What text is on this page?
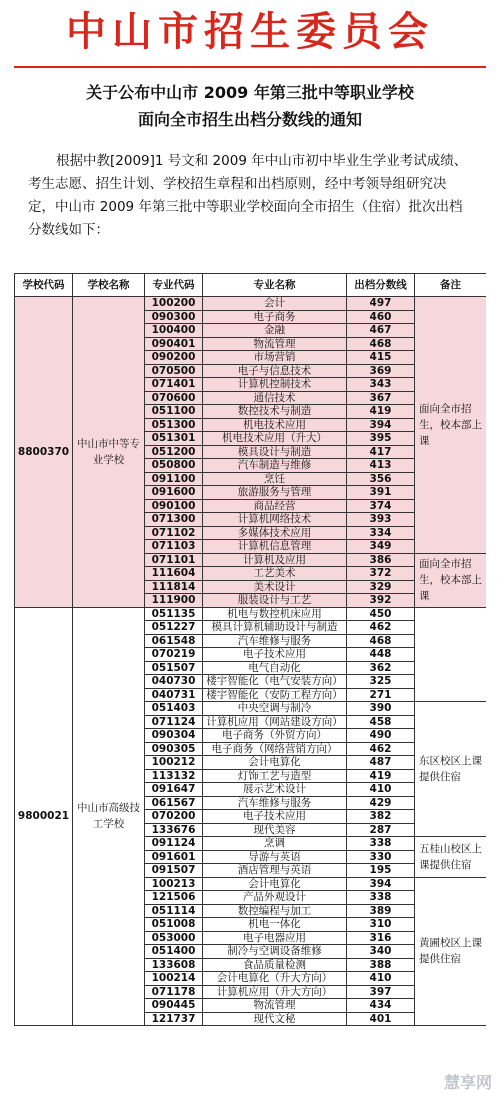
中山市招生委员会
关于公布中山市 2009 年第三批中等职业学校
面向全市招生出档分数线的通知
根据中教[2009]1 号文和 2009 年中山市初中毕业生学业考试成绩、
考生志愿、招生计划、学校招生章程和出档原则，经中考领导组研究决
定，中山市 2009 年第三批中等职业学校面向全市招生（住宿）批次出档
分数线如下：
学校代码	学校名称	专业代码	专业名称	出档分数线	备注
8800370	中山市中等专业学校	100200	会计	497	面向全市招生，校本部上课
		090300	电子商务	460	
		100400	金融	467	
		090401	物流管理	468	
		090200	市场营销	415	
		070500	电子与信息技术	369	
		071401	计算机控制技术	343	
		070600	通信技术	367	
		051100	数控技术与制造	419	
		051300	机电技术应用	394	
		051301	机电技术应用（升大）	395	
		051200	模具设计与制造	417	
		050800	汽车制造与维修	413	
		091100	烹饪	356	
		091600	旅游服务与管理	391	
		090100	商品经营	374	
		071300	计算机网络技术	393	
		071102	多媒体技术应用	334	
		071103	计算机信息管理	349	
		071101	计算机及应用	386	面向全市招生，校本部上课
		111604	工艺美术	372	
		111814	美术设计	329	
		111900	服装设计与工艺	392	
9800021	中山市高级技工学校	051135	机电与数控机床应用	450	
		051227	模具计算机辅助设计与制造	462	
		061548	汽车维修与服务	468	
		070219	电子技术应用	448	
		051507	电气自动化	362	
		040730	楼宇智能化（电气安装方向）	325	
		040731	楼宇智能化（安防工程方向）	271	
		051403	中央空调与制冷	390	东区校区上课提供住宿
		071124	计算机应用（网站建设方向）	458	
		090304	电子商务（外贸方向）	490	
		090305	电子商务（网络营销方向）	462	
		100212	会计电算化	487	
		113132	灯饰工艺与造型	419	
		091647	展示艺术设计	410	
		061567	汽车维修与服务	429	
		070200	电子技术应用	382	
		133676	现代美容	287	
		091124	烹调	338	五桂山校区上课提供住宿
		091601	导游与英语	330	
		091507	酒店管理与英语	195	
		100213	会计电算化	394	黄圃校区上课提供住宿
		121506	产品外观设计	338	
		051114	数控编程与加工	389	
		051008	机电一体化	310	
		053000	电子电器应用	316	
		051400	制冷与空调设备维修	340	
		133608	食品质量检测	388	
		100214	会计电算化（升大方向）	410	
		071178	计算机应用（升大方向）	397	
		090445	物流管理	434	
		121737	现代文秘	401	
慧享网
